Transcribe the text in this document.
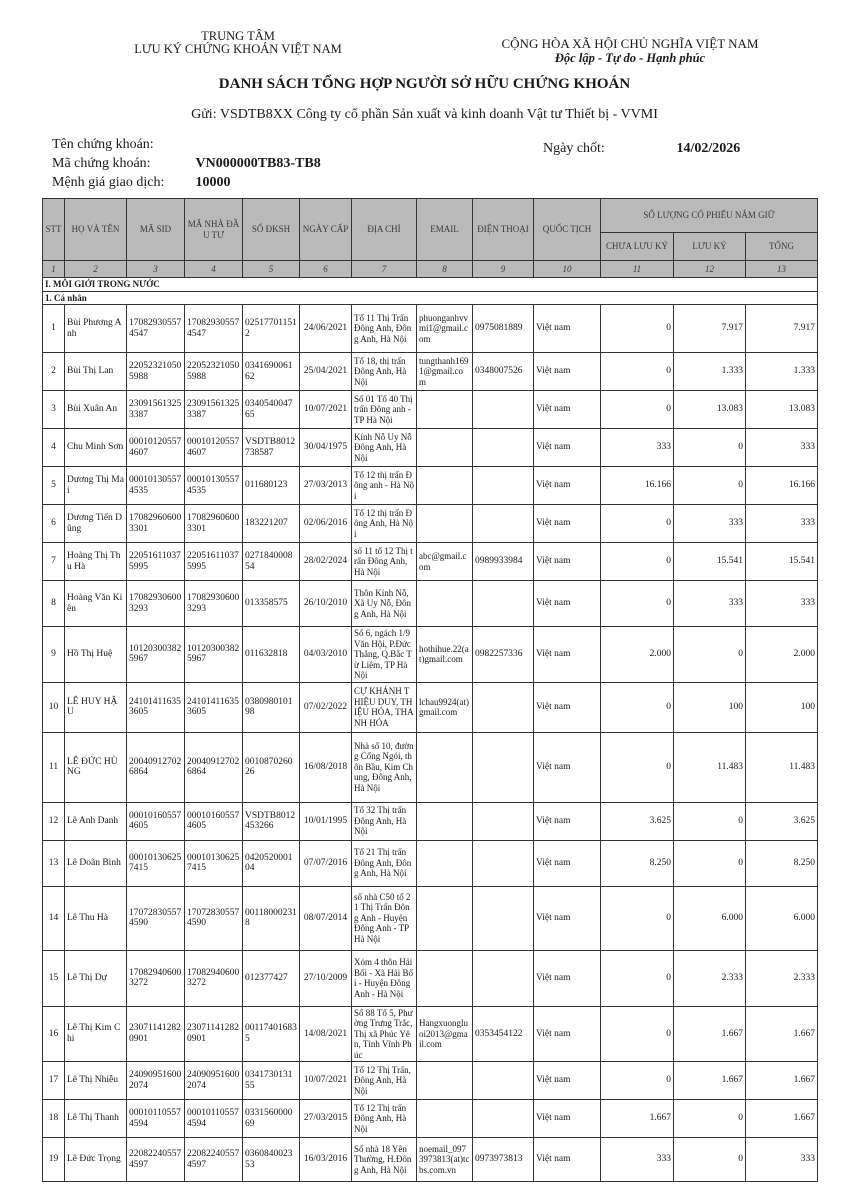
TRUNG TÂM
LƯU KÝ CHỨNG KHOÁN VIỆT NAM	CỘNG HÒA XÃ HỘI CHỦ NGHĨA VIỆT NAM
Độc lập - Tự do - Hạnh phúc
DANH SÁCH TỔNG HỢP NGƯỜI SỞ HỮU CHỨNG KHOÁN
Gửi: VSDTB8XX Công ty cổ phần Sản xuất và kinh doanh Vật tư Thiết bị - VVMI
Tên chứng khoán:
Mã chứng khoán:	VN000000TB83-TB8
Mệnh giá giao dịch: 10000
Ngày chốt:	14/02/2026
STT	HỌ VÀ TÊN	MÃ SID	MÃ NHÀ ĐẦU TƯ	SỐ ĐKSH	NGÀY CẤP	ĐỊA CHỈ	EMAIL	ĐIỆN THOẠI	QUỐC TỊCH	SỐ LƯỢNG CỔ PHIẾU NẮM GIỮ		
										CHƯA LƯU KÝ	LƯU KÝ	TỔNG
1	2	3	4	5	6	7	8	9	10	11	12	13
I. MÔI GIỚI TRONG NƯỚC												
1. Cá nhân												
1	Bùi Phương Anh	170829305574547	170829305574547	025177011512	24/06/2021	Tổ 11 Thị Trấn Đông Anh, Đông Anh, Hà Nội	phuonganhvvmi1@gmail.com	0975081889	Việt nam	0	7.917	7.917
2	Bùi Thị Lan	220523210505988	220523210505988	034169006162	25/04/2021	Tổ 18, thị trấn Đông Anh, Hà Nội	tungthanh1691@gmail.com	0348007526	Việt nam	0	1.333	1.333
3	Bùi Xuân An	230915613253387	230915613253387	034054004765	10/07/2021	Số 01 Tổ 40 Thị trấn Đông anh - TP Hà Nội			Việt nam	0	13.083	13.083
4	Chu Minh Sơn	000101205574607	000101205574607	VSDTB8012738587	30/04/1975	Kính Nỗ Uy Nỗ Đông Anh, Hà Nội			Việt nam	333	0	333
5	Dương Thị Mai	000101305574535	000101305574535	011680123	27/03/2013	Tổ 12 thị trấn Đông anh - Hà Nội			Việt nam	16.166	0	16.166
6	Dương Tiến Dũng	170829606003301	170829606003301	183221207	02/06/2016	Tổ 12 thị trấn Đông Anh, Hà Nội			Việt nam	0	333	333
7	Hoàng Thị Thu Hà	220516110375995	220516110375995	027184000854	28/02/2024	số 11 tổ 12 Thị trấn Đông Anh, Hà Nội	abc@gmail.com	0989933984	Việt nam	0	15.541	15.541
8	Hoàng Văn Kiên	170829306003293	170829306003293	013358575	26/10/2010	Thôn Kính Nỗ, Xã Uy Nỗ, Đông Anh, Hà Nội			Việt nam	0	333	333
9	Hồ Thị Huệ	101203003825967	101203003825967	011632818	04/03/2010	Số 6, ngách 1/9 Văn Hội, P.Đức Thắng, Q.Bắc Từ Liêm, TP Hà Nội	hothihue.22(at)gmail.com	0982257336	Việt nam	2.000	0	2.000
10	LÊ HUY HẬU	241014116353605	241014116353605	038098010198	07/02/2022	CỰ KHÁNH THIỆU DUY, THIỆU HÓA, THANH HÓA	lchau9924(at)gmail.com		Việt nam	0	100	100
11	LÊ ĐỨC HÙNG	200409127026864	200409127026864	001087026026	16/08/2018	Nhà số 10, đường Cổng Ngói, thôn Bầu, Kim Chung, Đông Anh, Hà Nội			Việt nam	0	11.483	11.483
12	Lê Anh Danh	000101605574605	000101605574605	VSDTB8012453266	10/01/1995	Tổ 32 Thị trấn Đông Anh, Hà Nội			Việt nam	3.625	0	3.625
13	Lê Doãn Bình	000101306257415	000101306257415	042052000104	07/07/2016	Tổ 21 Thị trấn Đông Anh, Đông Anh, Hà Nội			Việt nam	8.250	0	8.250
14	Lê Thu Hà	170728305574590	170728305574590	001180002318	08/07/2014	số nhà C50 tổ 21 Thị Trấn Đông Anh - Huyện Đông Anh - TP Hà Nội			Việt nam	0	6.000	6.000
15	Lê Thị Dự	170829406003272	170829406003272	012377427	27/10/2009	Xóm 4 thôn Hải Bối - Xã Hải Bối - Huyện Đông Anh - Hà Nội			Việt nam	0	2.333	2.333
16	Lê Thị Kim Chi	230711412820901	230711412820901	001174016835	14/08/2021	Số 88 Tổ 5, Phường Trưng Trắc, Thị xã Phúc Yên, Tỉnh Vĩnh Phúc	Hangxuongluoi2013@gmail.com	0353454122	Việt nam	0	1.667	1.667
17	Lê Thị Nhiễu	240909516002074	240909516002074	034173013155	10/07/2021	Tổ 12 Thị Trấn, Đông Anh, Hà Nội			Việt nam	0	1.667	1.667
18	Lê Thị Thanh	000101105574594	000101105574594	033156000069	27/03/2015	Tổ 12 Thị trấn Đông Anh, Hà Nội			Việt nam	1.667	0	1.667
19	Lê Đức Trọng	220822405574597	220822405574597	036084002353	16/03/2016	Số nhà 18 Yên Thường, H.Đông Anh, Hà Nội	noemail_0973973813(at)tcbs.com.vn	0973973813	Việt nam	333	0	333
